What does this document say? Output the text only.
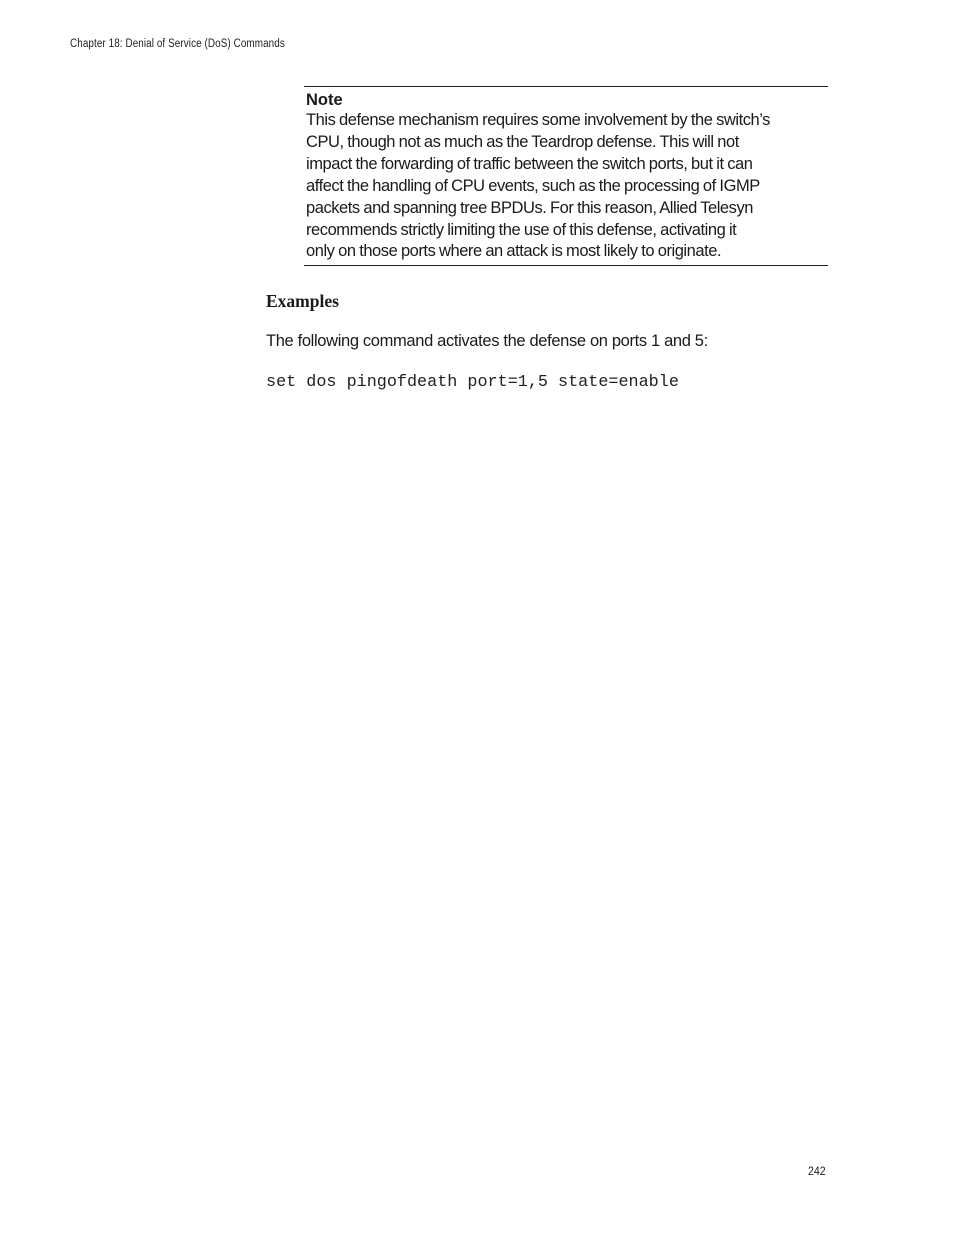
Chapter 18: Denial of Service (DoS) Commands
Note
This defense mechanism requires some involvement by the switch’s
CPU, though not as much as the Teardrop defense. This will not
impact the forwarding of traffic between the switch ports, but it can
affect the handling of CPU events, such as the processing of IGMP
packets and spanning tree BPDUs. For this reason, Allied Telesyn
recommends strictly limiting the use of this defense, activating it
only on those ports where an attack is most likely to originate.
Examples
The following command activates the defense on ports 1 and 5:
set dos pingofdeath port=1,5 state=enable
242
